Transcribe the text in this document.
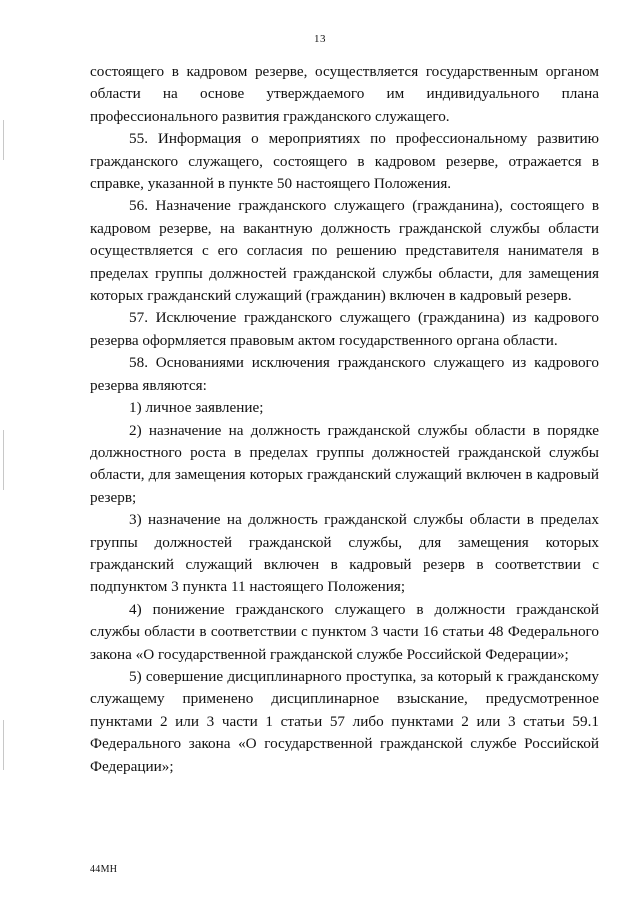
13

состоящего в кадровом резерве, осуществляется государственным органом области на основе утверждаемого им индивидуального плана профессионального развития гражданского служащего.

55. Информация о мероприятиях по профессиональному развитию гражданского служащего, состоящего в кадровом резерве, отражается в справке, указанной в пункте 50 настоящего Положения.

56. Назначение гражданского служащего (гражданина), состоящего в кадровом резерве, на вакантную должность гражданской службы области осуществляется с его согласия по решению представителя нанимателя в пределах группы должностей гражданской службы области, для замещения которых гражданский служащий (гражданин) включен в кадровый резерв.

57. Исключение гражданского служащего (гражданина) из кадрового резерва оформляется правовым актом государственного органа области.

58. Основаниями исключения гражданского служащего из кадрового резерва являются:

1) личное заявление;

2) назначение на должность гражданской службы области в порядке должностного роста в пределах группы должностей гражданской службы области, для замещения которых гражданский служащий включен в кадровый резерв;

3) назначение на должность гражданской службы области в пределах группы должностей гражданской службы, для замещения которых гражданский служащий включен в кадровый резерв в соответствии с подпунктом 3 пункта 11 настоящего Положения;

4) понижение гражданского служащего в должности гражданской службы области в соответствии с пунктом 3 части 16 статьи 48 Федерального закона «О государственной гражданской службе Российской Федерации»;

5) совершение дисциплинарного проступка, за который к гражданскому служащему применено дисциплинарное взыскание, предусмотренное пунктами 2 или 3 части 1 статьи 57 либо пунктами 2 или 3 статьи 59.1 Федерального закона «О государственной гражданской службе Российской Федерации»;

44МН
